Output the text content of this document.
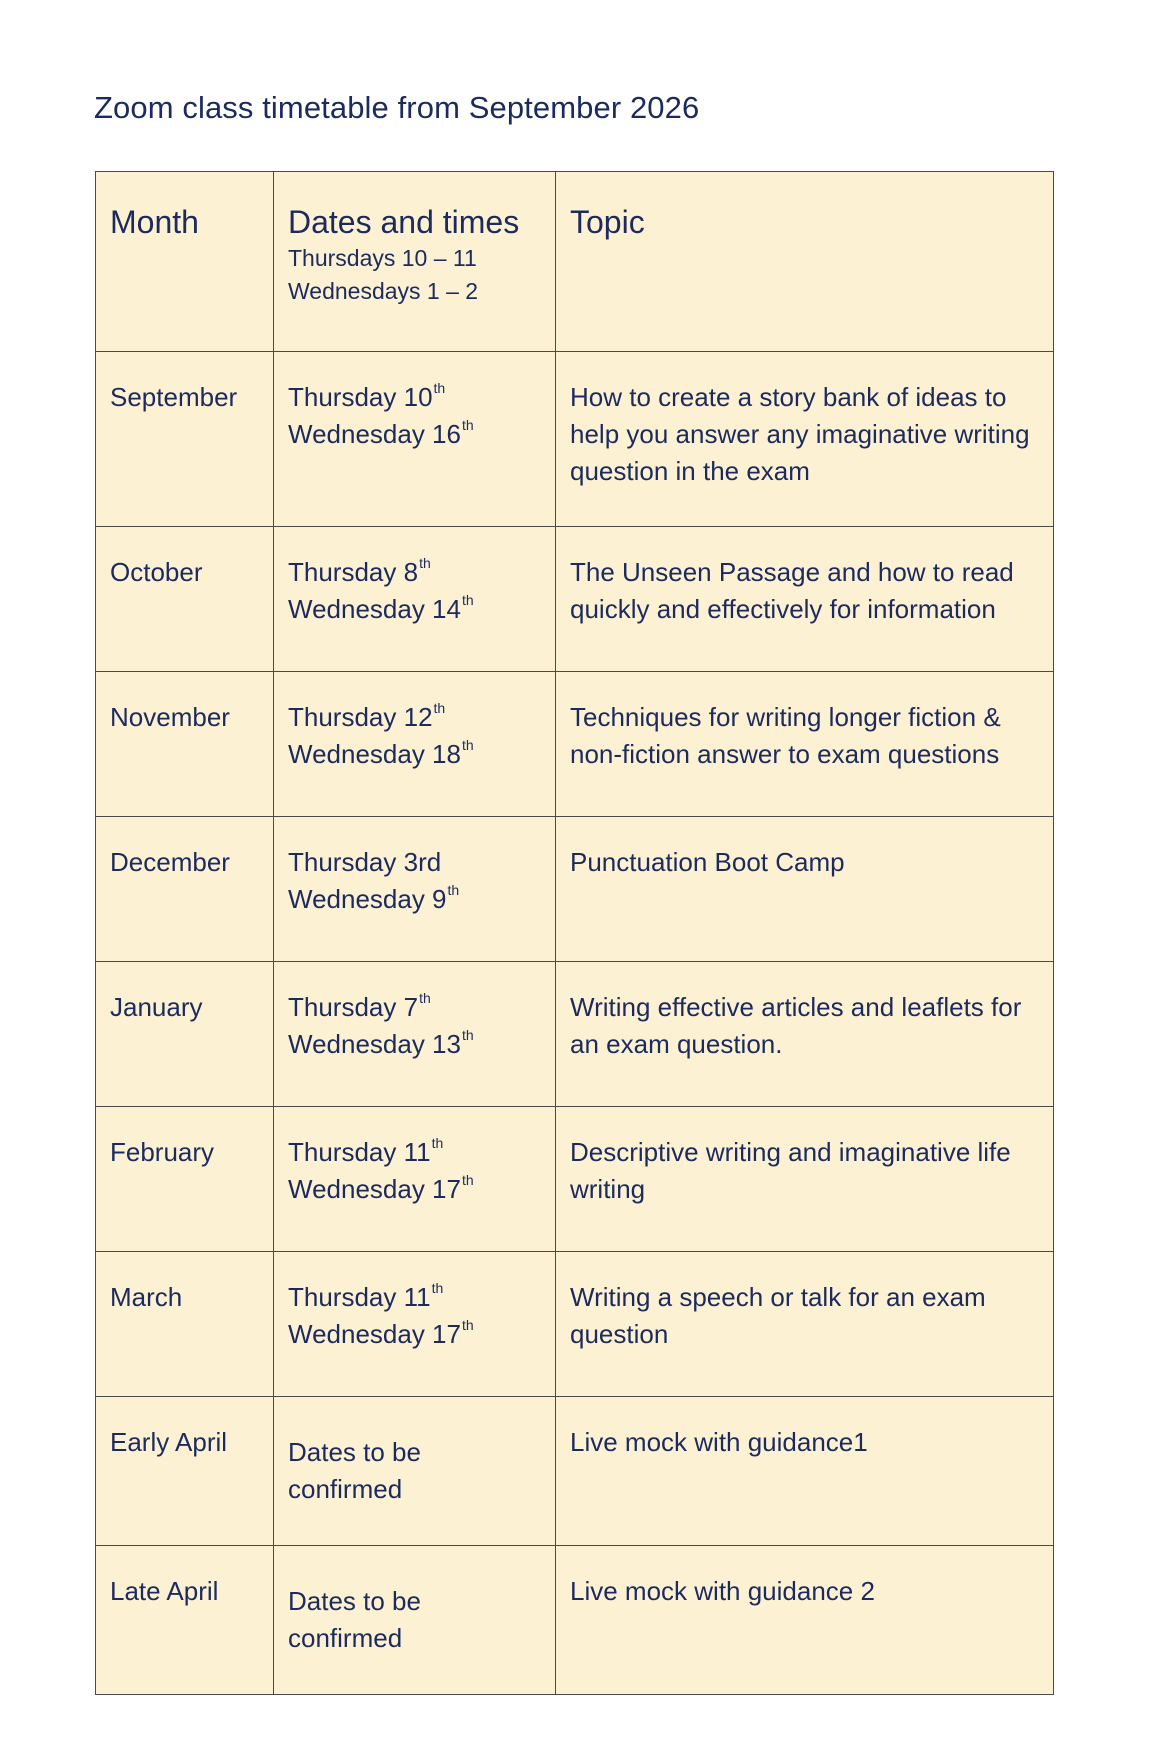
Zoom class timetable from September 2026
Month	Dates and times
Thursdays 10 – 11
Wednesdays 1 – 2	Topic

September	Thursday 10th
Wednesday 16th	How to create a story bank of ideas to help you answer any imaginative writing question in the exam

October	Thursday 8th
Wednesday 14th	The Unseen Passage and how to read quickly and effectively for information

November	Thursday 12th
Wednesday 18th	Techniques for writing longer fiction & non-fiction answer to exam questions

December	Thursday 3rd
Wednesday 9th	Punctuation Boot Camp

January	Thursday 7th
Wednesday 13th	Writing effective articles and leaflets for an exam question.

February	Thursday 11th
Wednesday 17th	Descriptive writing and imaginative life writing

March	Thursday 11th
Wednesday 17th	Writing a speech or talk for an exam question

Early April	Dates to be confirmed	Live mock with guidance1

Late April	Dates to be confirmed	Live mock with guidance 2
